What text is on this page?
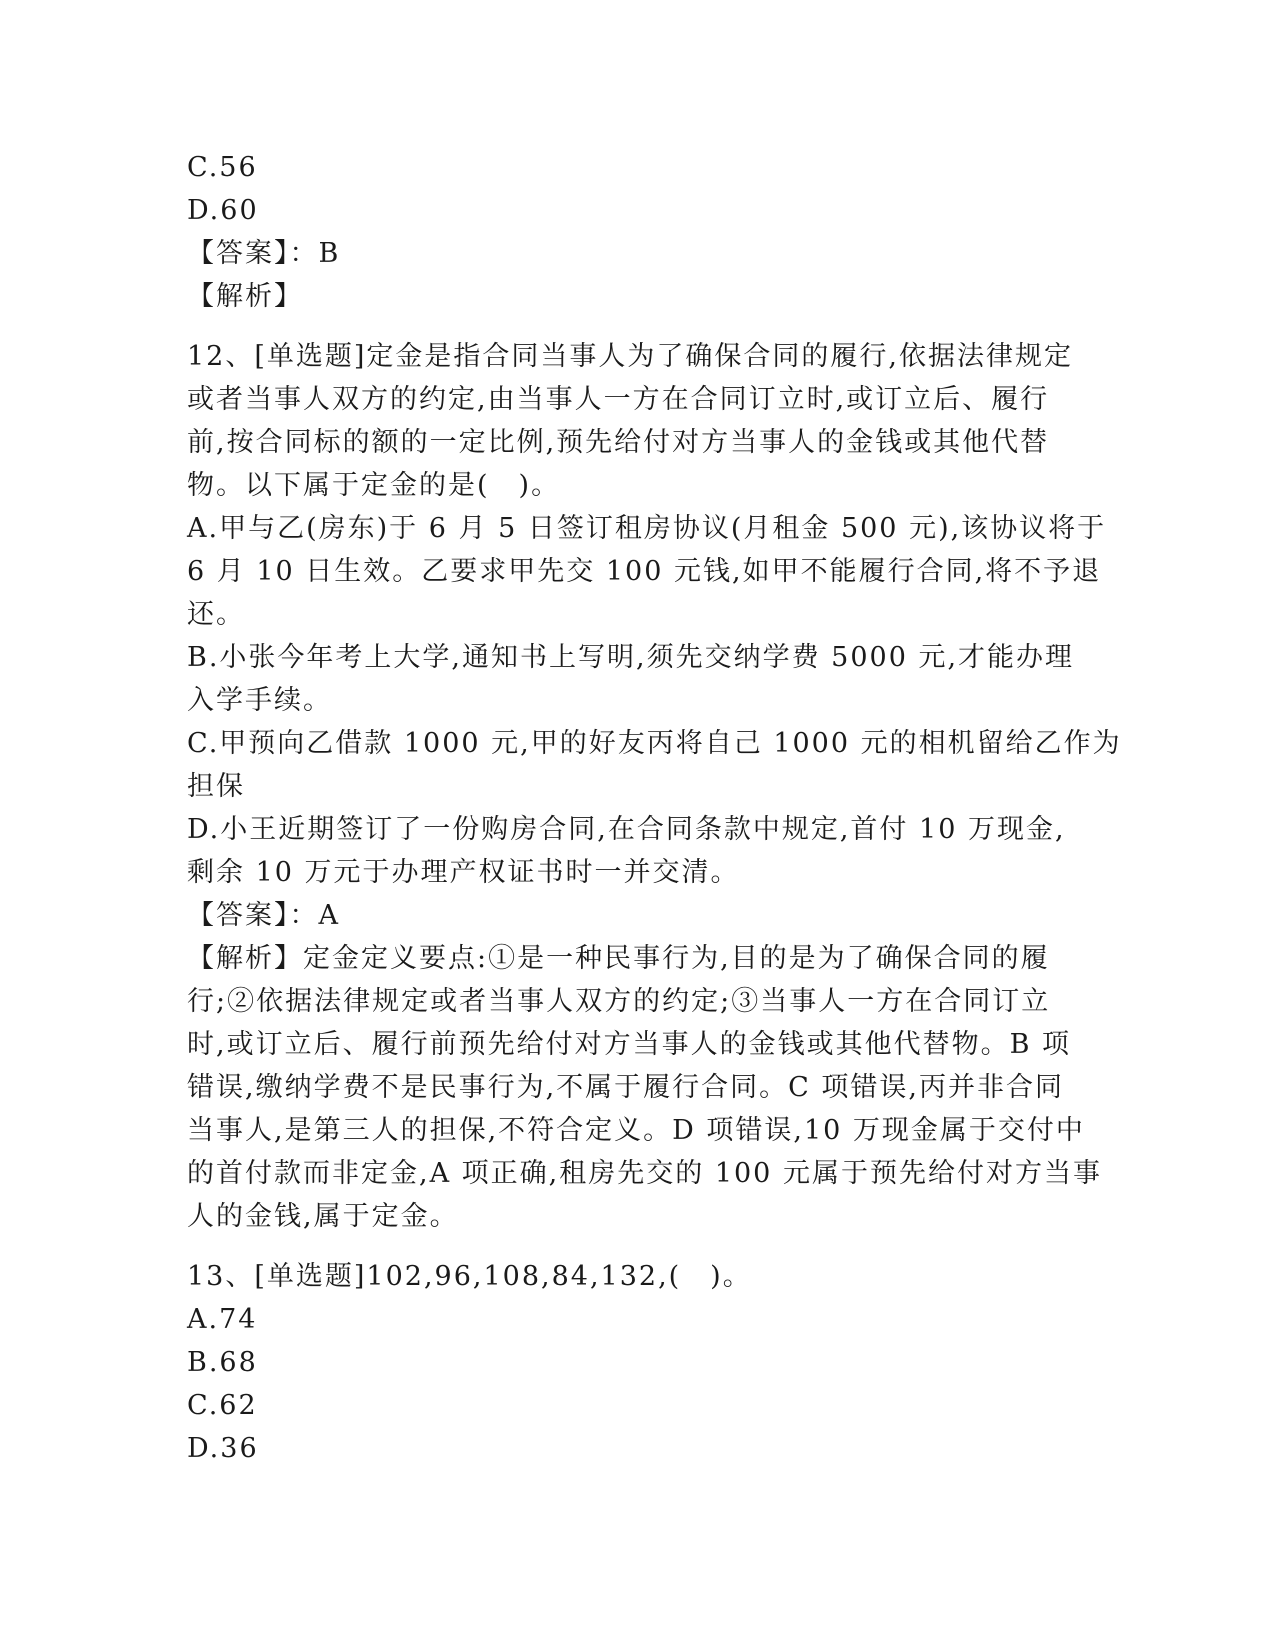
C.56
D.60
【答案】：B
【解析】
12、[单选题]定金是指合同当事人为了确保合同的履行,依据法律规定
或者当事人双方的约定,由当事人一方在合同订立时,或订立后、履行
前,按合同标的额的一定比例,预先给付对方当事人的金钱或其他代替
物。以下属于定金的是(　)。
A.甲与乙(房东)于 6 月 5 日签订租房协议(月租金 500 元),该协议将于
6 月 10 日生效。乙要求甲先交 100 元钱,如甲不能履行合同,将不予退
还。
B.小张今年考上大学,通知书上写明,须先交纳学费 5000 元,才能办理
入学手续。
C.甲预向乙借款 1000 元,甲的好友丙将自己 1000 元的相机留给乙作为
担保
D.小王近期签订了一份购房合同,在合同条款中规定,首付 10 万现金,
剩余 10 万元于办理产权证书时一并交清。
【答案】：A
【解析】定金定义要点:①是一种民事行为,目的是为了确保合同的履
行;②依据法律规定或者当事人双方的约定;③当事人一方在合同订立
时,或订立后、履行前预先给付对方当事人的金钱或其他代替物。B 项
错误,缴纳学费不是民事行为,不属于履行合同。C 项错误,丙并非合同
当事人,是第三人的担保,不符合定义。D 项错误,10 万现金属于交付中
的首付款而非定金,A 项正确,租房先交的 100 元属于预先给付对方当事
人的金钱,属于定金。
13、[单选题]102,96,108,84,132,(　)。
A.74
B.68
C.62
D.36
